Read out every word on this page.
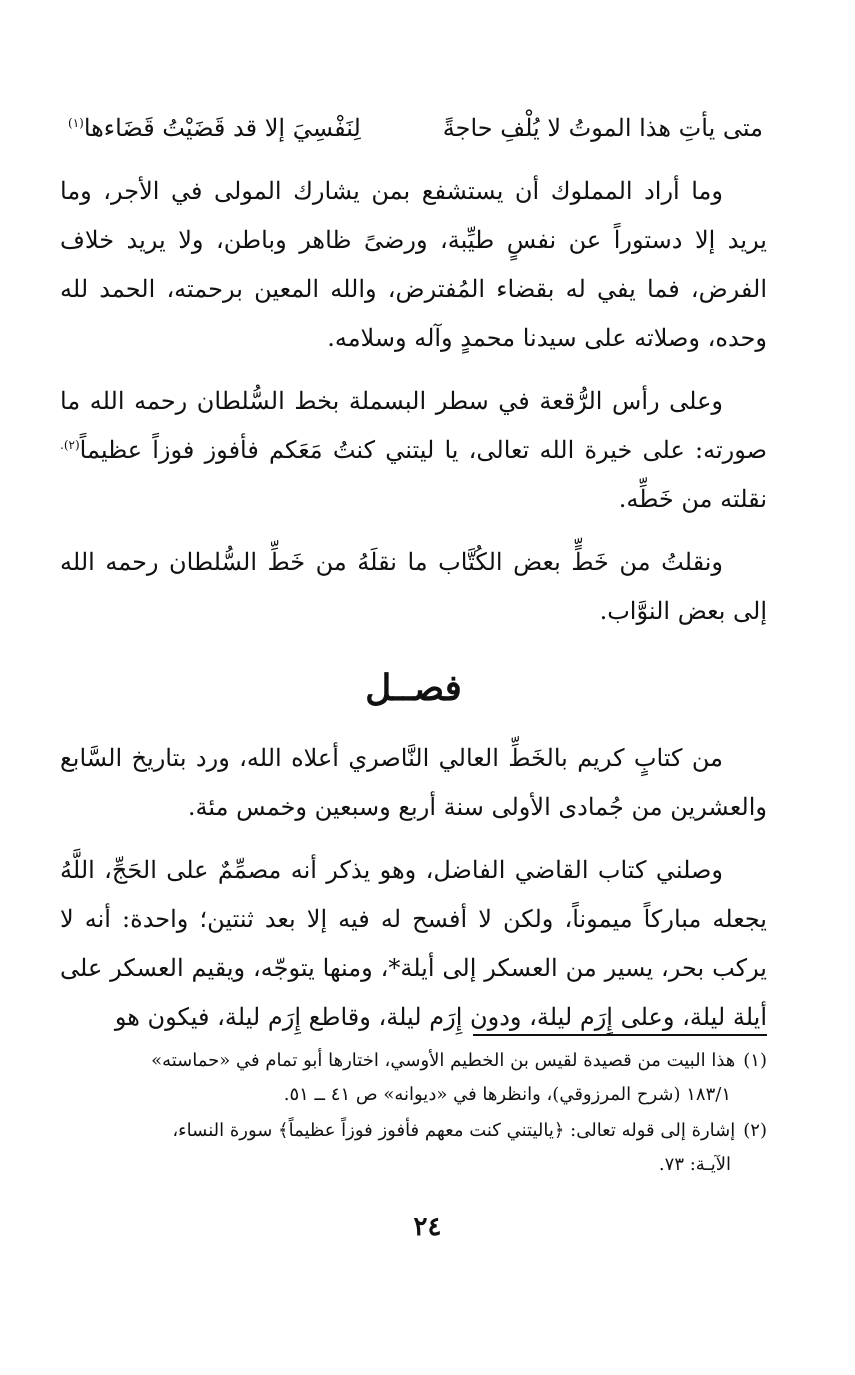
متى يأتِ هذا الموتُ لا يُلْفِ حاجةً
لِنَفْسِيَ إلا قد قَضَيْتُ قَضَاءها$^{(١)}$

وما أراد المملوك أن يستشفع بمن يشارك المولى في الأجر، وما يريد إلا دستوراً عن نفسٍ طيِّبة، ورضىً ظاهر وباطن، ولا يريد خلاف الفرض، فما يفي له بقضاء المُفترض، والله المعين برحمته، الحمد لله وحده، وصلاته على سيدنا محمدٍ وآله وسلامه.

وعلى رأس الرُّقعة في سطر البسملة بخط السُّلطان رحمه الله ما صورته: على خيرة الله تعالى، يا ليتني كنتُ مَعَكم فأفوز فوزاً عظيماً$^{(٢).}$ نقلته من خَطِّه.

ونقلتُ من خَطٍّ بعض الكُتَّاب ما نقلَهُ من خَطِّ السُّلطان رحمه الله إلى بعض النوَّاب.

فصــل

من كتابٍ كريم بالخَطِّ العالي النَّاصري أعلاه الله، ورد بتاريخ السَّابع والعشرين من جُمادى الأولى سنة أربع وسبعين وخمس مئة.

وصلني كتاب القاضي الفاضل، وهو يذكر أنه مصمِّمٌ على الحَجِّ، اللَّهُ يجعله مباركاً ميموناً، ولكن لا أفسح له فيه إلا بعد ثنتين؛ واحدة: أنه لا يركب بحر، يسير من العسكر إلى أيلة*، ومنها يتوجّه، ويقيم العسكر على أيلة ليلة، وعلى إِرَم ليلة، ودون إِرَم ليلة، وقاطع إِرَم ليلة، فيكون هو

(١)هذا البيت من قصيدة لقيس بن الخطيم الأوسي، اختارها أبو تمام في «حماسته»
١٨٣/١ (شرح المرزوقي)، وانظرها في «ديوانه» ص ٤١ ــ ٥١.

(٢)إشارة إلى قوله تعالى: ﴿ياليتني كنت معهم فأفوز فوزاً عظيماً﴾ سورة النساء،
الآيـة: ٧٣.

٢٤
